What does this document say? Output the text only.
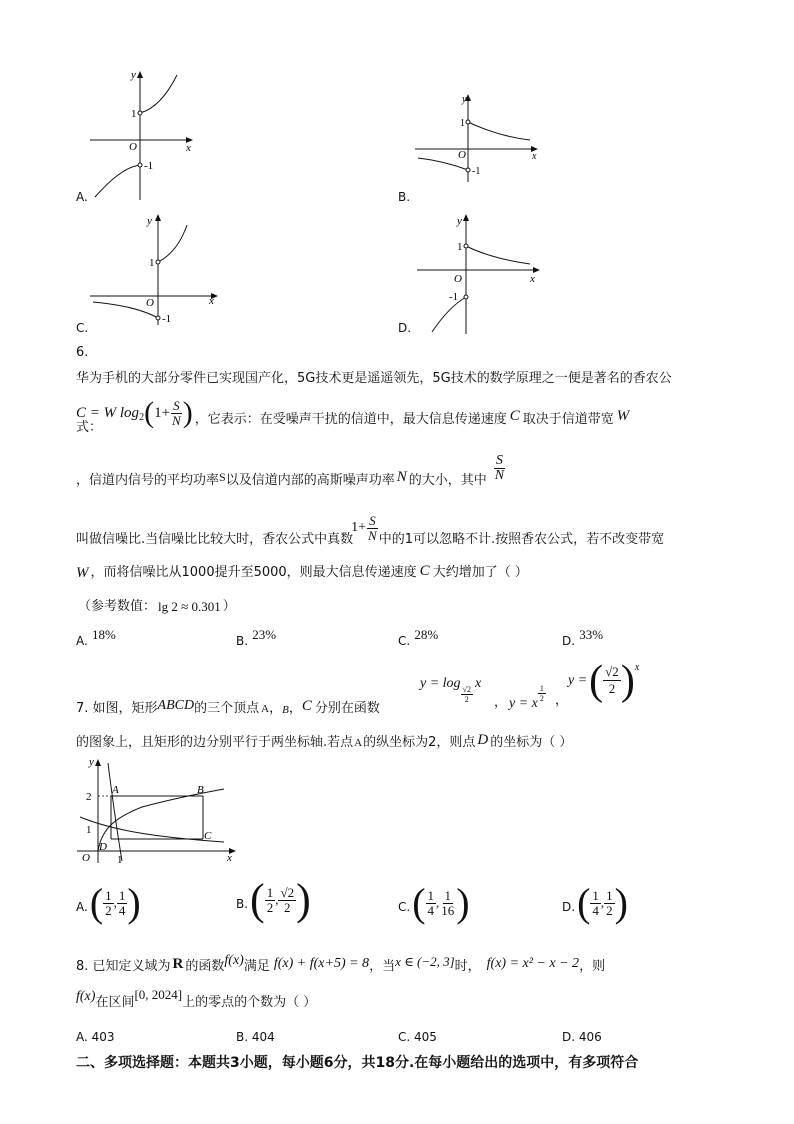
y
x
O
1
-1
A.
y
x
O
1
-1
B.
y
x
O
1
-1
C.
y
x
O
1
-1
D.
6.
华为手机的大部分零件已实现国产化，5G技术更是遥遥领先，5G技术的数学原理之一便是著名的香农公
式：
C = W $\log_2$ ( $1+ \frac{S}{N}$ ) ，它表示：在受噪声干扰的信道中，最大信息传递速度 C 取决于信道带宽 W
，信道内信号的平均功率 S 以及信道内部的高斯噪声功率 N 的大小，其中 $\frac{S}{N}$
叫做信噪比.当信噪比比较大时，香农公式中真数
$1+ \frac{S}{N}$ 中的1可以忽略不计.按照香农公式，若不改变带宽
W ，而将信噪比从1000提升至5000，则最大信息传递速度 C 大约增加了（ ）
（参考数值： lg 2 ≈ 0.301 ）
A. 18%	B. 23%	C. 28%	D. 33%
y = log
$\frac{√2}{2}$
x
， y = x
$\frac{1}{2}$ ，
y = ( $\frac{√2}{2}$ ) x
7. 如图，矩形 ABCD 的三个顶点 A ， B ， C 分别在函数
的图象上，且矩形的边分别平行于两坐标轴.若点 A 的纵坐标为2，则点 D 的坐标为（ ）
y
x
O
2
1
1
A	B
C
D
A. ( $\frac{1}{2}$ , $\frac{1}{4}$ )	B. ( $\frac{1}{2}$ , $\frac{√2}{2}$ )	C. ( $\frac{1}{4}$ , $\frac{1}{16}$ )	D. ( $\frac{1}{4}$ , $\frac{1}{2}$ )
8. 已知定义域为 R 的函数 f(x) 满足 f(x) + f(x+5) = 8 ，当 x ∈ (−2, 3] 时， f(x) = x² − x − 2 ，则
f(x) 在区间
[0, 2024]
上的零点的个数为（ ）
A. 403	B. 404	C. 405	D. 406
二、多项选择题：本题共3小题，每小题6分，共18分.在每小题给出的选项中，有多项符合
